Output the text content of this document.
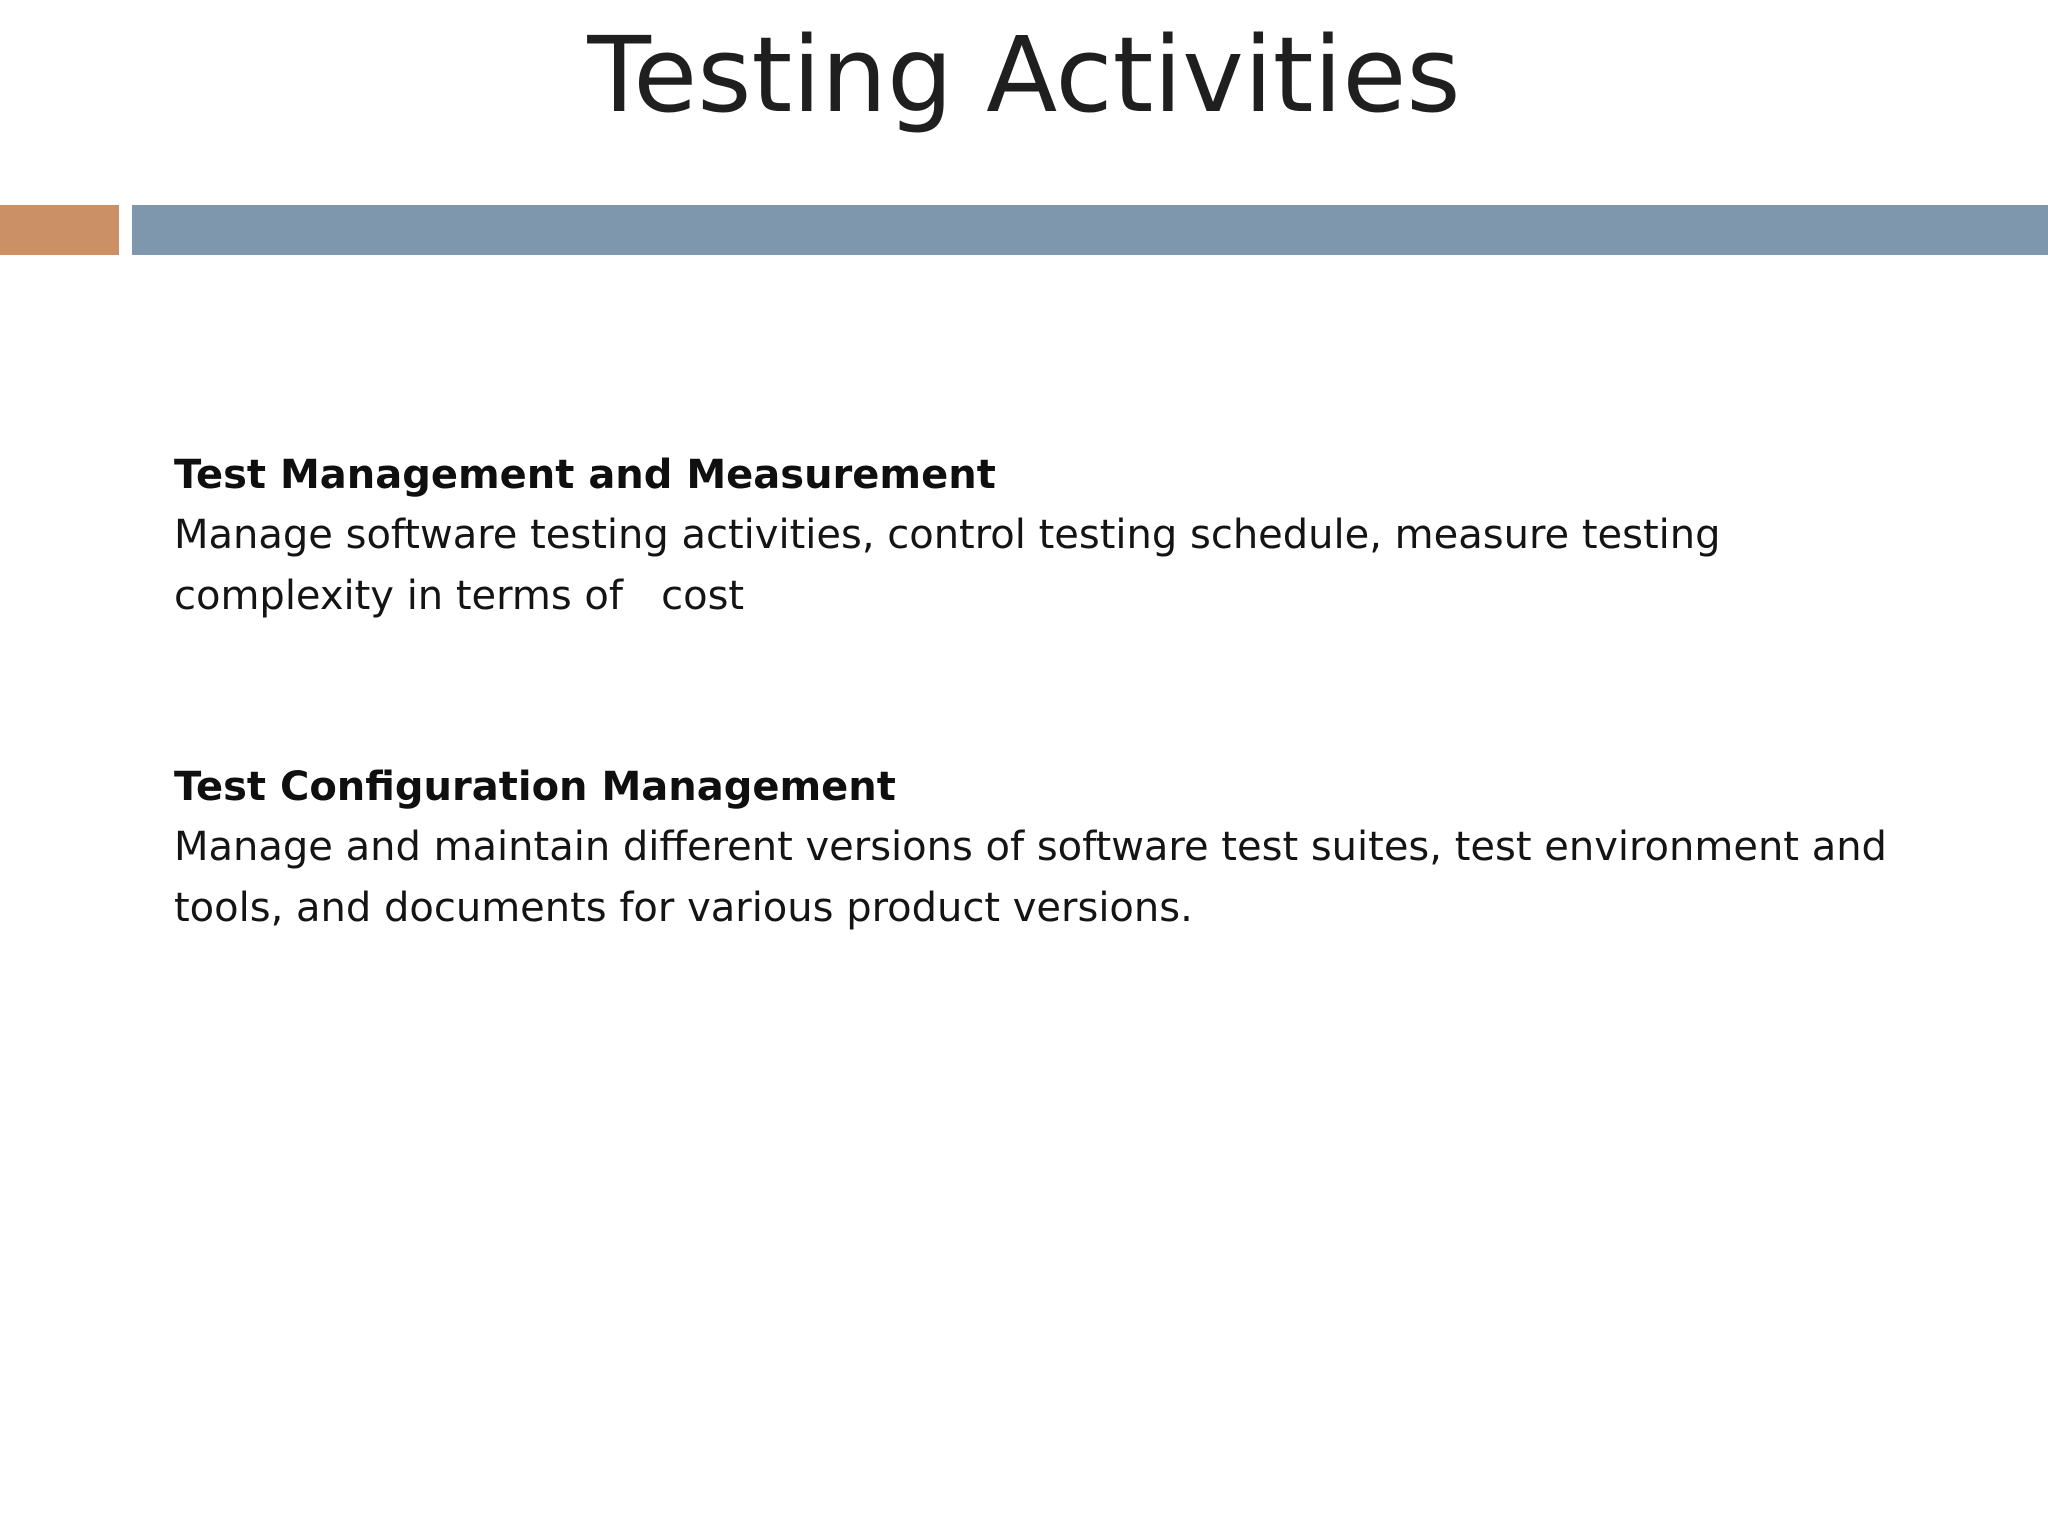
Testing Activities
Test Management and Measurement
Manage software testing activities, control testing schedule, measure testing
complexity in terms of   cost
Test Configuration Management
Manage and maintain different versions of software test suites, test environment and
tools, and documents for various product versions.
